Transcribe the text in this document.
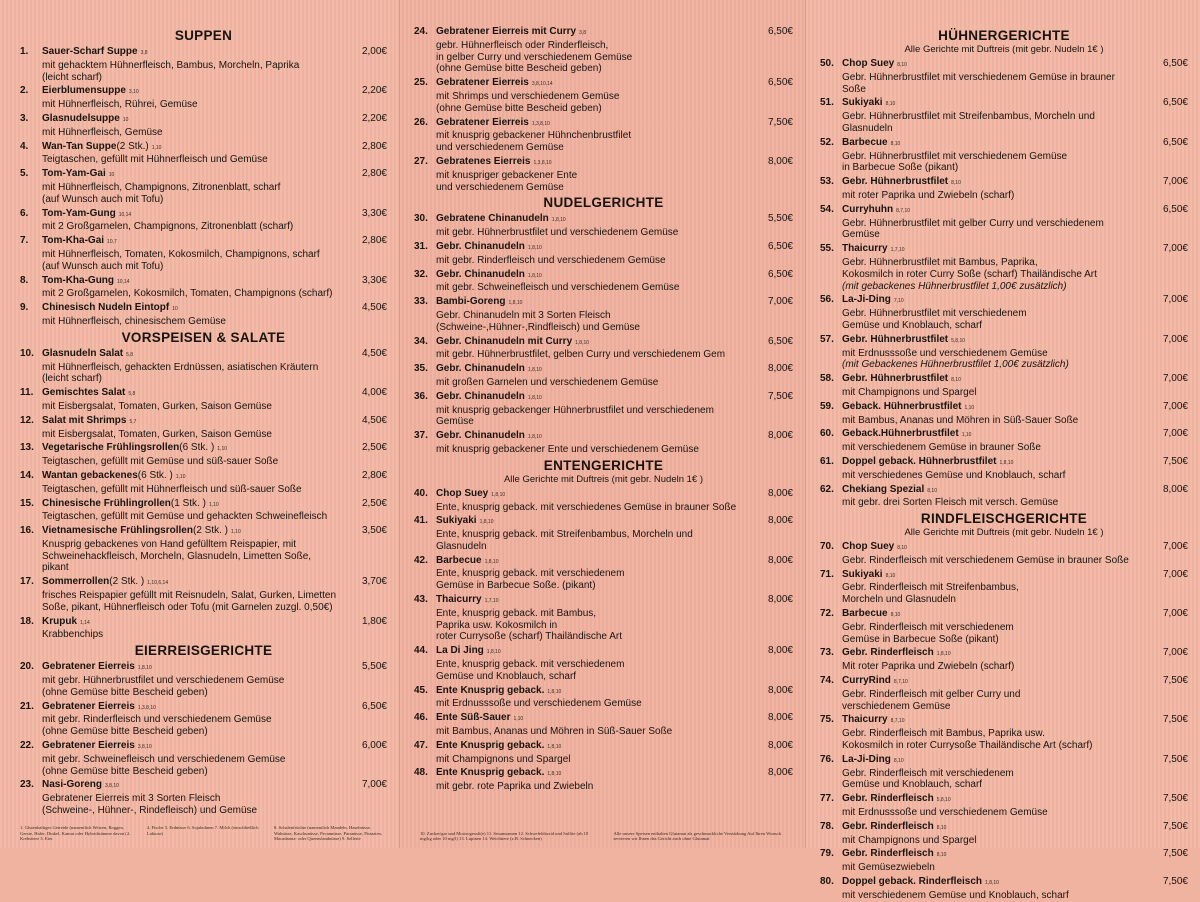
SUPPEN
1.	Sauer-Scharf Suppe 3,8	2,00€
mit gehacktem Hühnerfleisch, Bambus, Morcheln, Paprika
(leicht scharf)
2.	Eierblumensuppe 3,10	2,20€
mit Hühnerfleisch, Rührei, Gemüse
3.	Glasnudelsuppe 10	2,20€
mit Hühnerfleisch, Gemüse
4.	Wan-Tan Suppe (2 Stk.) 1,10	2,80€
Teigtaschen, gefüllt mit Hühnerfleisch und Gemüse
5.	Tom-Yam-Gai 10	2,80€
mit Hühnerfleisch, Champignons, Zitronenblatt, scharf
(auf Wunsch auch mit Tofu)
6.	Tom-Yam-Gung 10,14	3,30€
mit 2 Großgarnelen, Champignons, Zitronenblatt (scharf)
7.	Tom-Kha-Gai 10,7	2,80€
mit Hühnerfleisch, Tomaten, Kokosmilch, Champignons, scharf
(auf Wunsch auch mit Tofu)
8.	Tom-Kha-Gung 10,14	3,30€
mit 2 Großgarnelen, Kokosmilch, Tomaten, Champignons (scharf)
9.	Chinesisch Nudeln Eintopf 10	4,50€
mit Hühnerfleisch, chinesischem Gemüse
VORSPEISEN & SALATE
10. Glasnudeln Salat 5,8	4,50€
mit Hühnerfleisch, gehackten Erdnüssen, asiatischen Kräutern
(leicht scharf)
11. Gemischtes Salat 5,8	4,00€
mit Eisbergsalat, Tomaten, Gurken, Saison Gemüse
12. Salat mit Shrimps 5,7	4,50€
mit Eisbergsalat, Tomaten, Gurken, Saison Gemüse
13. Vegetarische Frühlingsrollen (6 Stk. ) 1,10	2,50€
Teigtaschen, gefüllt mit Gemüse und süß-sauer Soße
14. Wantan gebackenes (6 Stk. ) 1,10	2,80€
Teigtaschen, gefüllt mit Hühnerfleisch und süß-sauer Soße
15. Chinesische Frühlingrollen (1 Stk. ) 1,10	2,50€
Teigtaschen, gefüllt mit Gemüse und gehackten Schweinefleisch
16. Vietnamesische Frühlingsrollen (2 Stk. ) 1,10	3,50€
Knusprig gebackenes von Hand gefülltem Reispapier, mit
Schweinehackfleisch, Morcheln, Glasnudeln, Limetten Soße, pikant
17. Sommerrollen (2 Stk. ) 1,10,6,14	3,70€
frisches Reispapier gefüllt mit Reisnudeln, Salat, Gurken, Limetten
Soße, pikant, Hühnerfleisch oder Tofu (mit Garnelen zuzgl. 0,50€)
18. Krupuk 1,14	1,80€
Krabbenchips
EIERREISGERICHTE
20. Gebratener Eierreis 1,8,10	5,50€
mit gebr. Hühnerbrustfilet und verschiedenem Gemüse
(ohne Gemüse bitte Bescheid geben)
21. Gebratener Eierreis 1,3,8,10	6,50€
mit gebr. Rinderfleisch und verschiedenem Gemüse
(ohne Gemüse bitte Bescheid geben)
22. Gebratener Eierreis 3,8,10	6,00€
mit gebr. Schweinefleisch und verschiedenem Gemüse
(ohne Gemüse bitte Bescheid geben)
23. Nasi-Goreng 3,8,10	7,00€
Gebratener Eierreis mit 3 Sorten Fleisch
(Schweine-, Hühner-, Rindefleisch) und Gemüse
1. Glutenhaltiges Getreide (namentlich Weizen, Roggen, Gerste, Hafer, Dinkel, Kamut oder Hybridstämme davon) 2. Krebstiere 3. Eier
4. Fische 5. Erdnüsse 6. Sojabohnen 7. Milch (einschließlich Laktose)
8. Schalenfrüchte (namentlich Mandeln, Haselnüsse, Walnüsse, Kaschunüsse, Pecannüsse, Paranüsse, Pistazien, Macadamia- oder Queenslandnüsse) 9. Sellerie
24. Gebratener Eierreis mit Curry 3,8	6,50€
gebr. Hühnerfleisch oder Rinderfleisch,
in gelber Curry und verschiedenem Gemüse
(ohne Gemüse bitte Bescheid geben)
25. Gebratener Eierreis 3,8,10,14	6,50€
mit Shrimps und verschiedenem Gemüse
(ohne Gemüse bitte Bescheid geben)
26. Gebratener Eierreis 1,3,8,10	7,50€
mit knusprig gebackener Hühnchenbrustfilet
und verschiedenem Gemüse
27. Gebratenes Eierreis 1,3,8,10	8,00€
mit knuspriger gebackener Ente
und verschiedenem Gemüse
NUDELGERICHTE
30. Gebratene Chinanudeln 1,8,10	5,50€
mit gebr. Hühnerbrustfilet und verschiedenem Gemüse
31. Gebr. Chinanudeln 1,8,10	6,50€
mit gebr. Rinderfleisch und verschiedenem Gemüse
32. Gebr. Chinanudeln 1,8,10	6,50€
mit gebr. Schweinefleisch und verschiedenem Gemüse
33. Bambi-Goreng 1,8,10	7,00€
Gebr. Chinanudeln mit 3 Sorten Fleisch
(Schweine-,Hühner-,Rindfleisch) und Gemüse
34. Gebr. Chinanudeln mit Curry 1,8,10	6,50€
mit gebr. Hühnerbrustfilet, gelben Curry und verschiedenem Gem
35. Gebr. Chinanudeln 1,8,10	8,00€
mit großen Garnelen und verschiedenem Gemüse
36. Gebr. Chinanudeln 1,8,10	7,50€
mit knusprig gebackenger Hühnerbrustfilet und verschiedenem Gemüse
37. Gebr. Chinanudeln 1,8,10	8,00€
mit knusprig gebackener Ente und verschiedenem Gemüse
ENTENGERICHTE
Alle Gerichte mit Duftreis (mit gebr. Nudeln 1€ )
40. Chop Suey 1,8,10	8,00€
Ente, knusprig geback. mit verschiedenes Gemüse in brauner Soße
41. Sukiyaki 1,8,10	8,00€
Ente, knusprig geback. mit Streifenbambus, Morcheln und Glasnudeln
42. Barbecue 1,8,10	8,00€
Ente, knusprig geback. mit verschiedenem
Gemüse in Barbecue Soße. (pikant)
43. Thaicurry 1,7,10	8,00€
Ente, knusprig geback. mit Bambus,
Paprika usw. Kokosmilch in
roter Currysoße (scharf) Thailändische Art
44. La Di Jing 1,8,10	8,00€
Ente, knusprig geback. mit verschiedenem
Gemüse und Knoblauch, scharf
45. Ente Knusprig geback. 1,8,10	8,00€
mit Erdnusssoße und verschiedenem Gemüse
46. Ente Süß-Sauer 1,10	8,00€
mit Bambus, Ananas und Möhren in Süß-Sauer Soße
47. Ente Knusprig geback. 1,8,10	8,00€
mit Champignons und Spargel
48. Ente Knusprig geback. 1,8,10	8,00€
mit gebr. rote Paprika und Zwiebeln
10. Zucker/gar und Mostrogesaft(e) 11. Sesamsamen 12. Schwefeldioxid und Sulfite (ab 10 mg/kg oder 10 mg/l) 13. Lupinen 14. Weichtiere (z.B. Schnecken)
Alle unsere Speisen enthalten Glutamat als geschmackliche Verstärkung Auf Ihren Wunsch servieren wir Ihnen das Gericht auch ohne Glutamat
HÜHNERGERICHTE
Alle Gerichte mit Duftreis (mit gebr. Nudeln 1€ )
50. Chop Suey 8,10	6,50€
Gebr. Hühnerbrustfilet mit verschiedenem Gemüse in brauner Soße
51. Sukiyaki 8,10	6,50€
Gebr. Hühnerbrustfilet mit Streifenbambus, Morcheln und Glasnudeln
52. Barbecue 8,10	6,50€
Gebr. Hühnerbrustfilet mit verschiedenem Gemüse
in Barbecue Soße (pikant)
53. Gebr. Hühnerbrustfilet 8,10	7,00€
mit roter Paprika und Zwiebeln (scharf)
54. Curryhuhn 8,7,10	6,50€
Gebr. Hühnerbrustfilet mit gelber Curry und verschiedenem Gemüse
55. Thaicurry 1,7,10	7,00€
Gebr. Hühnerbrustfilet mit Bambus, Paprika,
Kokosmilch in roter Curry Soße (scharf) Thailändische Art
(mit gebackenes Hühnerbrustfilet 1,00€ zusätzlich)
56. La-Ji-Ding 7,10	7,00€
Gebr. Hühnerbrustfilet mit verschiedenem
Gemüse und Knoblauch, scharf
57. Gebr. Hühnerbrustfilet 5,8,10	7,00€
mit Erdnusssoße und verschiedenem Gemüse
(mit Gebackenes Hühnerbrustfilet 1,00€ zusätzlich)
58. Gebr. Hühnerbrustfilet 8,10	7,00€
mit Champignons und Spargel
59. Geback. Hühnerbrustfilet 1,10	7,00€
mit Bambus, Ananas und Möhren in Süß-Sauer Soße
60. Geback.Hühnerbrustfilet 1,10	7,00€
mit verschiedenem Gemüse in brauner Soße
61. Doppel geback. Hühnerbrustfilet 1,8,10	7,50€
mit verschiedenes Gemüse und Knoblauch, scharf
62. Chekiang Spezial 8,10	8,00€
mit gebr. drei Sorten Fleisch mit versch. Gemüse
RINDFLEISCHGERICHTE
Alle Gerichte mit Duftreis (mit gebr. Nudeln 1€ )
70. Chop Suey 8,10	7,00€
Gebr. Rinderfleisch mit verschiedenem Gemüse in brauner Soße
71. Sukiyaki 8,10	7,00€
Gebr. Rinderfleisch mit Streifenbambus,
Morcheln und Glasnudeln
72. Barbecue 8,10	7,00€
Gebr. Rinderfleisch mit verschiedenem
Gemüse in Barbecue Soße (pikant)
73. Gebr. Rinderfleisch 1,8,10	7,00€
Mit roter Paprika und Zwiebeln (scharf)
74. CurryRind 8,7,10	7,50€
Gebr. Rinderfleisch mit gelber Curry und
verschiedenem Gemüse
75. Thaicurry 8,7,10	7,50€
Gebr. Rinderfleisch mit Bambus, Paprika usw.
Kokosmilch in roter Currysoße Thailändische Art (scharf)
76. La-Ji-Ding 8,10	7,50€
Gebr. Rinderfleisch mit verschiedenem
Gemüse und Knoblauch, scharf
77. Gebr. Rinderfleisch 5,8,10	7,50€
mit Erdnusssoße und verschiedenem Gemüse
78. Gebr. Rinderfleisch 8,10	7,50€
mit Champignons und Spargel
79. Gebr. Rinderfleisch 8,10	7,50€
mit Gemüsezwiebeln
80. Doppel geback. Rinderfleisch 1,8,10	7,50€
mit verschiedenem Gemüse und Knoblauch, scharf
